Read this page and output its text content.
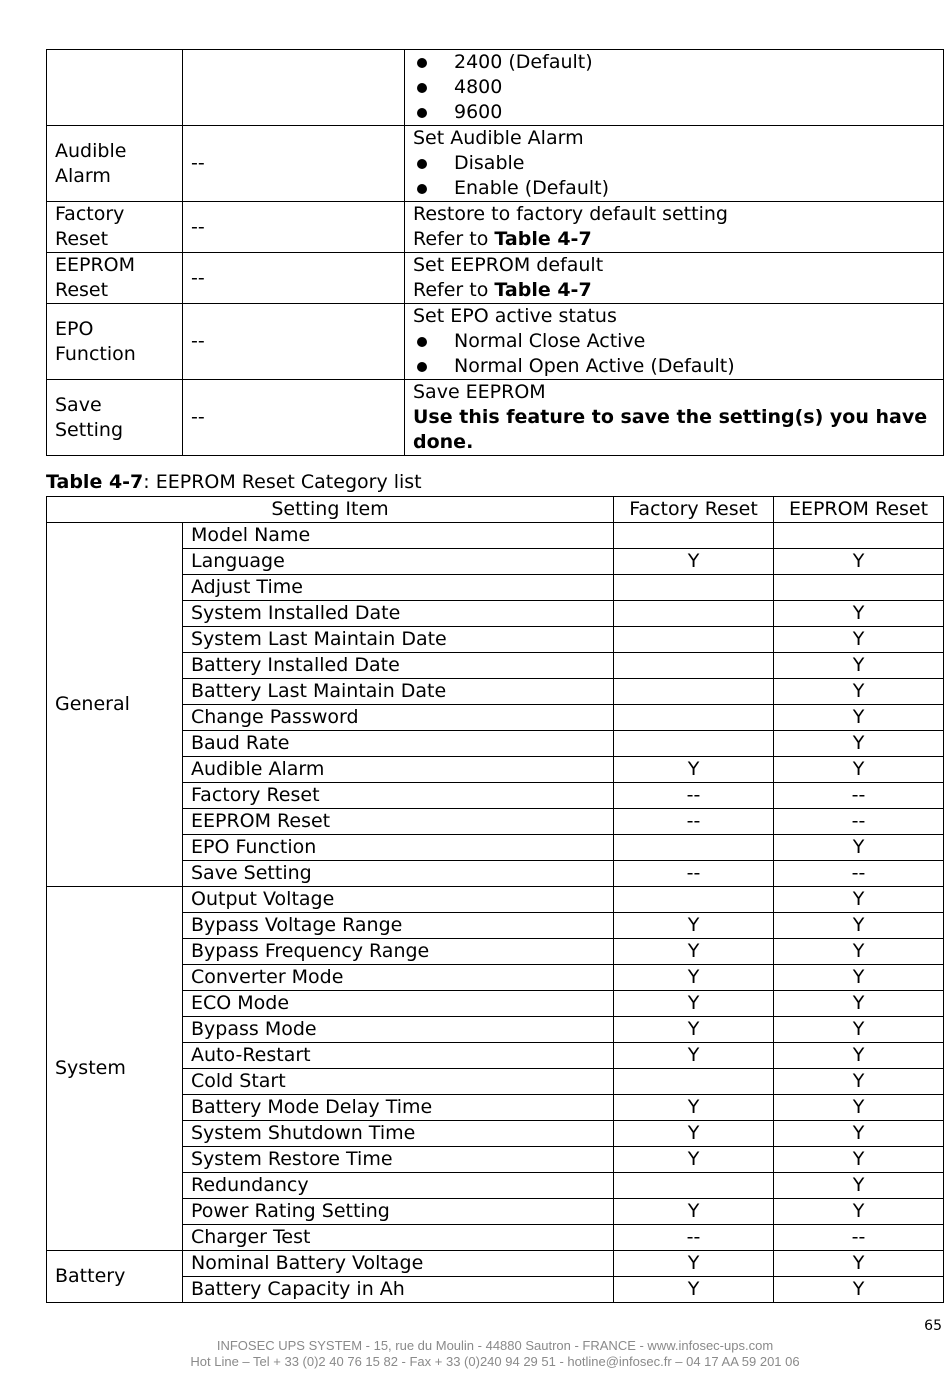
		2400 (Default)
4800
9600

Audible Alarm	--	Set Audible Alarm
Disable
Enable (Default)

Factory Reset	--	Restore to factory default setting
Refer to Table 4-7

EEPROM Reset	--	Set EEPROM default
Refer to Table 4-7

EPO Function	--	Set EPO active status
Normal Close Active
Normal Open Active (Default)

Save Setting	--	Save EEPROM
Use this feature to save the setting(s) you have done.
Table 4-7: EEPROM Reset Category list
Setting Item		Factory Reset	EEPROM Reset
General	Model Name		
	Language	Y	Y
	Adjust Time		
	System Installed Date		Y
	System Last Maintain Date		Y
	Battery Installed Date		Y
	Battery Last Maintain Date		Y
	Change Password		Y
	Baud Rate		Y
	Audible Alarm	Y	Y
	Factory Reset	--	--
	EEPROM Reset	--	--
	EPO Function		Y
	Save Setting	--	--
System	Output Voltage		Y
	Bypass Voltage Range	Y	Y
	Bypass Frequency Range	Y	Y
	Converter Mode	Y	Y
	ECO Mode	Y	Y
	Bypass Mode	Y	Y
	Auto-Restart	Y	Y
	Cold Start		Y
	Battery Mode Delay Time	Y	Y
	System Shutdown Time	Y	Y
	System Restore Time	Y	Y
	Redundancy		Y
	Power Rating Setting	Y	Y
	Charger Test	--	--
Battery	Nominal Battery Voltage	Y	Y
	Battery Capacity in Ah	Y	Y
65
INFOSEC UPS SYSTEM - 15, rue du Moulin - 44880 Sautron - FRANCE - www.infosec-ups.com
Hot Line – Tel + 33 (0)2 40 76 15 82 - Fax + 33 (0)240 94 29 51 - hotline@infosec.fr – 04 17 AA 59 201 06
